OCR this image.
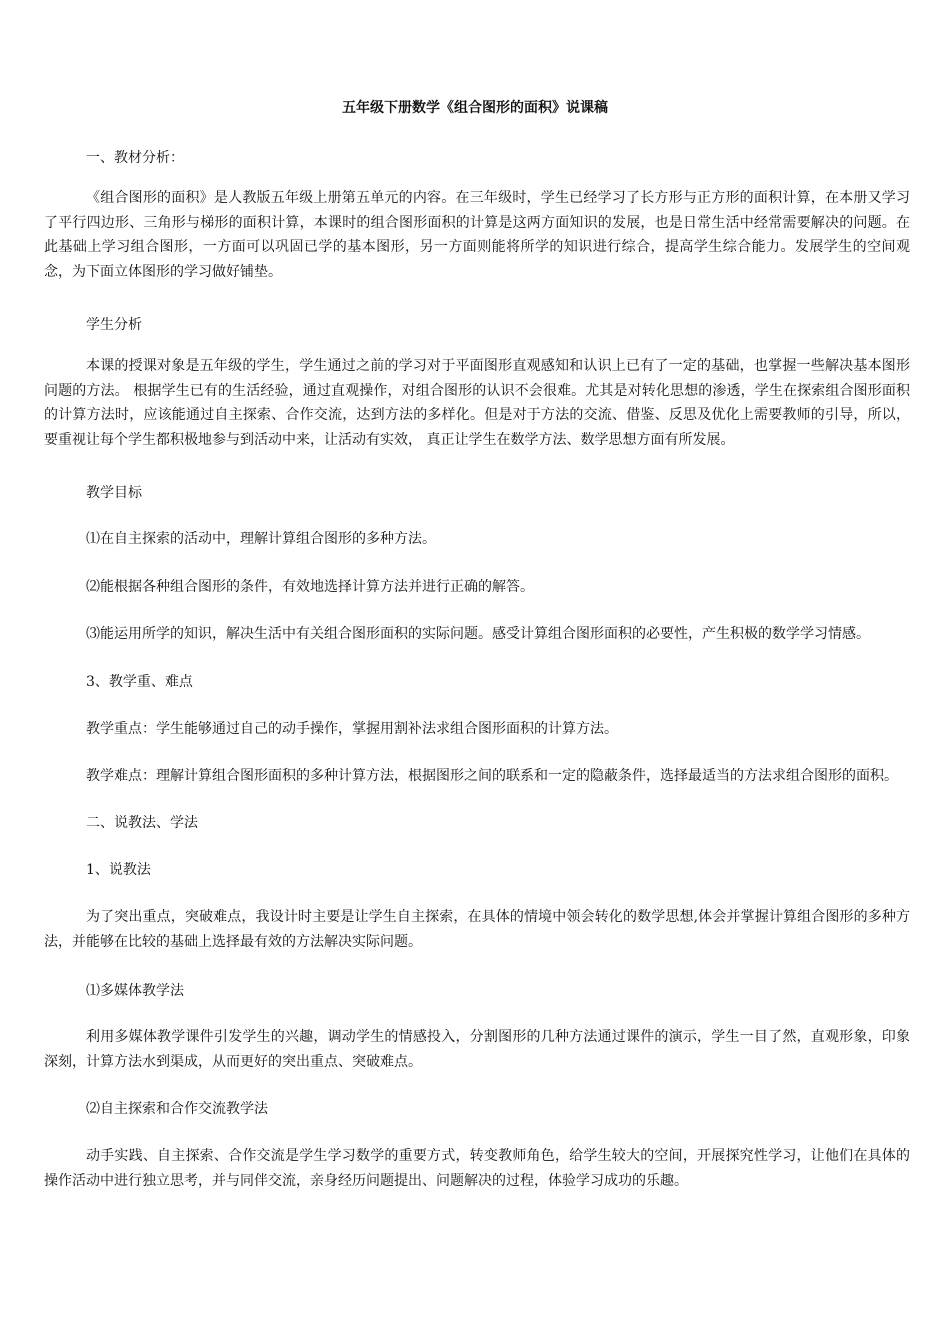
五年级下册数学《组合图形的面积》说课稿
一、教材分析：
《组合图形的面积》是人教版五年级上册第五单元的内容。在三年级时，学生已经学习了长方形与正方形的面积计算，在本册又学习了平行四边形、三角形与梯形的面积计算，本课时的组合图形面积的计算是这两方面知识的发展，也是日常生活中经常需要解决的问题。在此基础上学习组合图形，一方面可以巩固已学的基本图形，另一方面则能将所学的知识进行综合，提高学生综合能力。发展学生的空间观念，为下面立体图形的学习做好铺垫。
学生分析
本课的授课对象是五年级的学生，学生通过之前的学习对于平面图形直观感知和认识上已有了一定的基础，也掌握一些解决基本图形问题的方法。 根据学生已有的生活经验，通过直观操作，对组合图形的认识不会很难。尤其是对转化思想的渗透，学生在探索组合图形面积的计算方法时，应该能通过自主探索、合作交流，达到方法的多样化。但是对于方法的交流、借鉴、反思及优化上需要教师的引导，所以，要重视让每个学生都积极地参与到活动中来，让活动有实效， 真正让学生在数学方法、数学思想方面有所发展。
教学目标
⑴在自主探索的活动中，理解计算组合图形的多种方法。
⑵能根据各种组合图形的条件，有效地选择计算方法并进行正确的解答。
⑶能运用所学的知识，解决生活中有关组合图形面积的实际问题。感受计算组合图形面积的必要性，产生积极的数学学习情感。
3、教学重、难点
教学重点：学生能够通过自己的动手操作，掌握用割补法求组合图形面积的计算方法。
教学难点：理解计算组合图形面积的多种计算方法，根据图形之间的联系和一定的隐蔽条件，选择最适当的方法求组合图形的面积。
二、说教法、学法
1、说教法
为了突出重点，突破难点，我设计时主要是让学生自主探索，在具体的情境中领会转化的数学思想,体会并掌握计算组合图形的多种方法，并能够在比较的基础上选择最有效的方法解决实际问题。
⑴多媒体教学法
利用多媒体教学课件引发学生的兴趣，调动学生的情感投入，分割图形的几种方法通过课件的演示，学生一目了然，直观形象，印象深刻，计算方法水到渠成，从而更好的突出重点、突破难点。
⑵自主探索和合作交流教学法
动手实践、自主探索、合作交流是学生学习数学的重要方式，转变教师角色，给学生较大的空间，开展探究性学习，让他们在具体的操作活动中进行独立思考，并与同伴交流，亲身经历问题提出、问题解决的过程，体验学习成功的乐趣。
